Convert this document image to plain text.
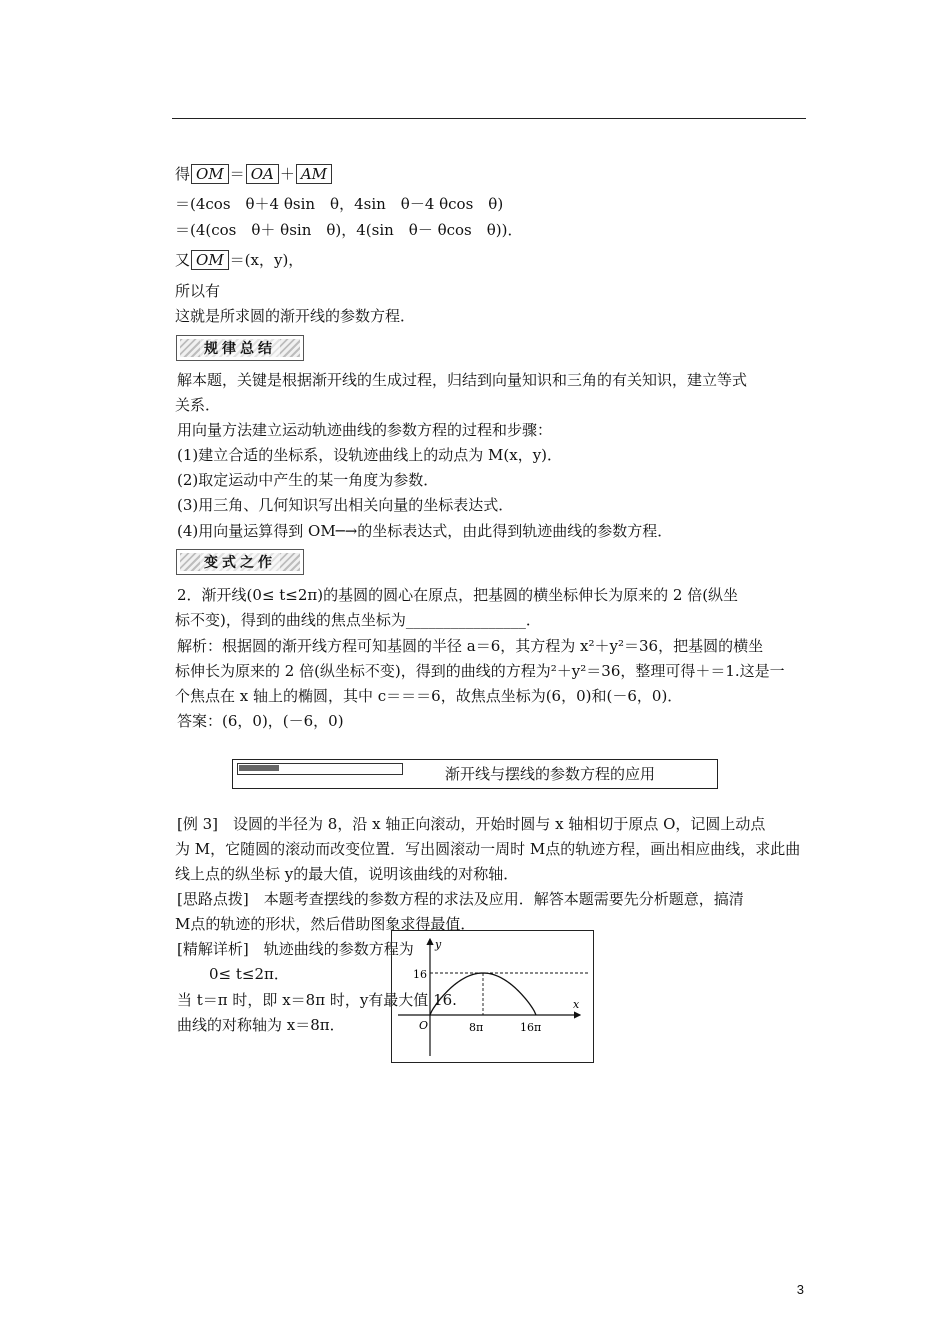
得 OM ＝ OA ＋ AM
＝(4cos　θ＋4 θsin　θ，4sin　θ－4 θcos　θ)
＝(4(cos　θ＋ θsin　θ)，4(sin　θ－ θcos　θ))．
又 OM ＝(x，y)，
所以有
这就是所求圆的渐开线的参数方程．
规律总结
解本题，关键是根据渐开线的生成过程，归结到向量知识和三角的有关知识，建立等式
关系．
用向量方法建立运动轨迹曲线的参数方程的过程和步骤：
(1)建立合适的坐标系，设轨迹曲线上的动点为 M(x，y)．
(2)取定运动中产生的某一角度为参数．
(3)用三角、几何知识写出相关向量的坐标表达式．
(4)用向量运算得到 OM─→的坐标表达式，由此得到轨迹曲线的参数方程．
变式之作
2．渐开线(0≤ t≤2π)的基圆的圆心在原点，把基圆的横坐标伸长为原来的 2 倍(纵坐
标不变)，得到的曲线的焦点坐标为________________．
解析：根据圆的渐开线方程可知基圆的半径 a＝6，其方程为 x²＋y²＝36，把基圆的横坐
标伸长为原来的 2 倍(纵坐标不变)，得到的曲线的方程为²＋y²＝36，整理可得＋＝1.这是一
个焦点在 x 轴上的椭圆，其中 c＝＝＝6，故焦点坐标为(6，0)和(－6，0)．
答案：(6，0)，(－6，0)
渐开线与摆线的参数方程的应用
[例 3]　设圆的半径为 8，沿 x 轴正向滚动，开始时圆与 x 轴相切于原点 O，记圆上动点
为 M，它随圆的滚动而改变位置．写出圆滚动一周时 M点的轨迹方程，画出相应曲线，求此曲
线上点的纵坐标 y的最大值，说明该曲线的对称轴．
[思路点拨]　本题考查摆线的参数方程的求法及应用．解答本题需要先分析题意，搞清
M点的轨迹的形状，然后借助图象求得最值．
[精解详析]　轨迹曲线的参数方程为
0≤ t≤2π．
当 t＝π 时，即 x＝8π 时，y有最大值 16.
曲线的对称轴为 x＝8π．
y
x
O
16
8π	16π
3
